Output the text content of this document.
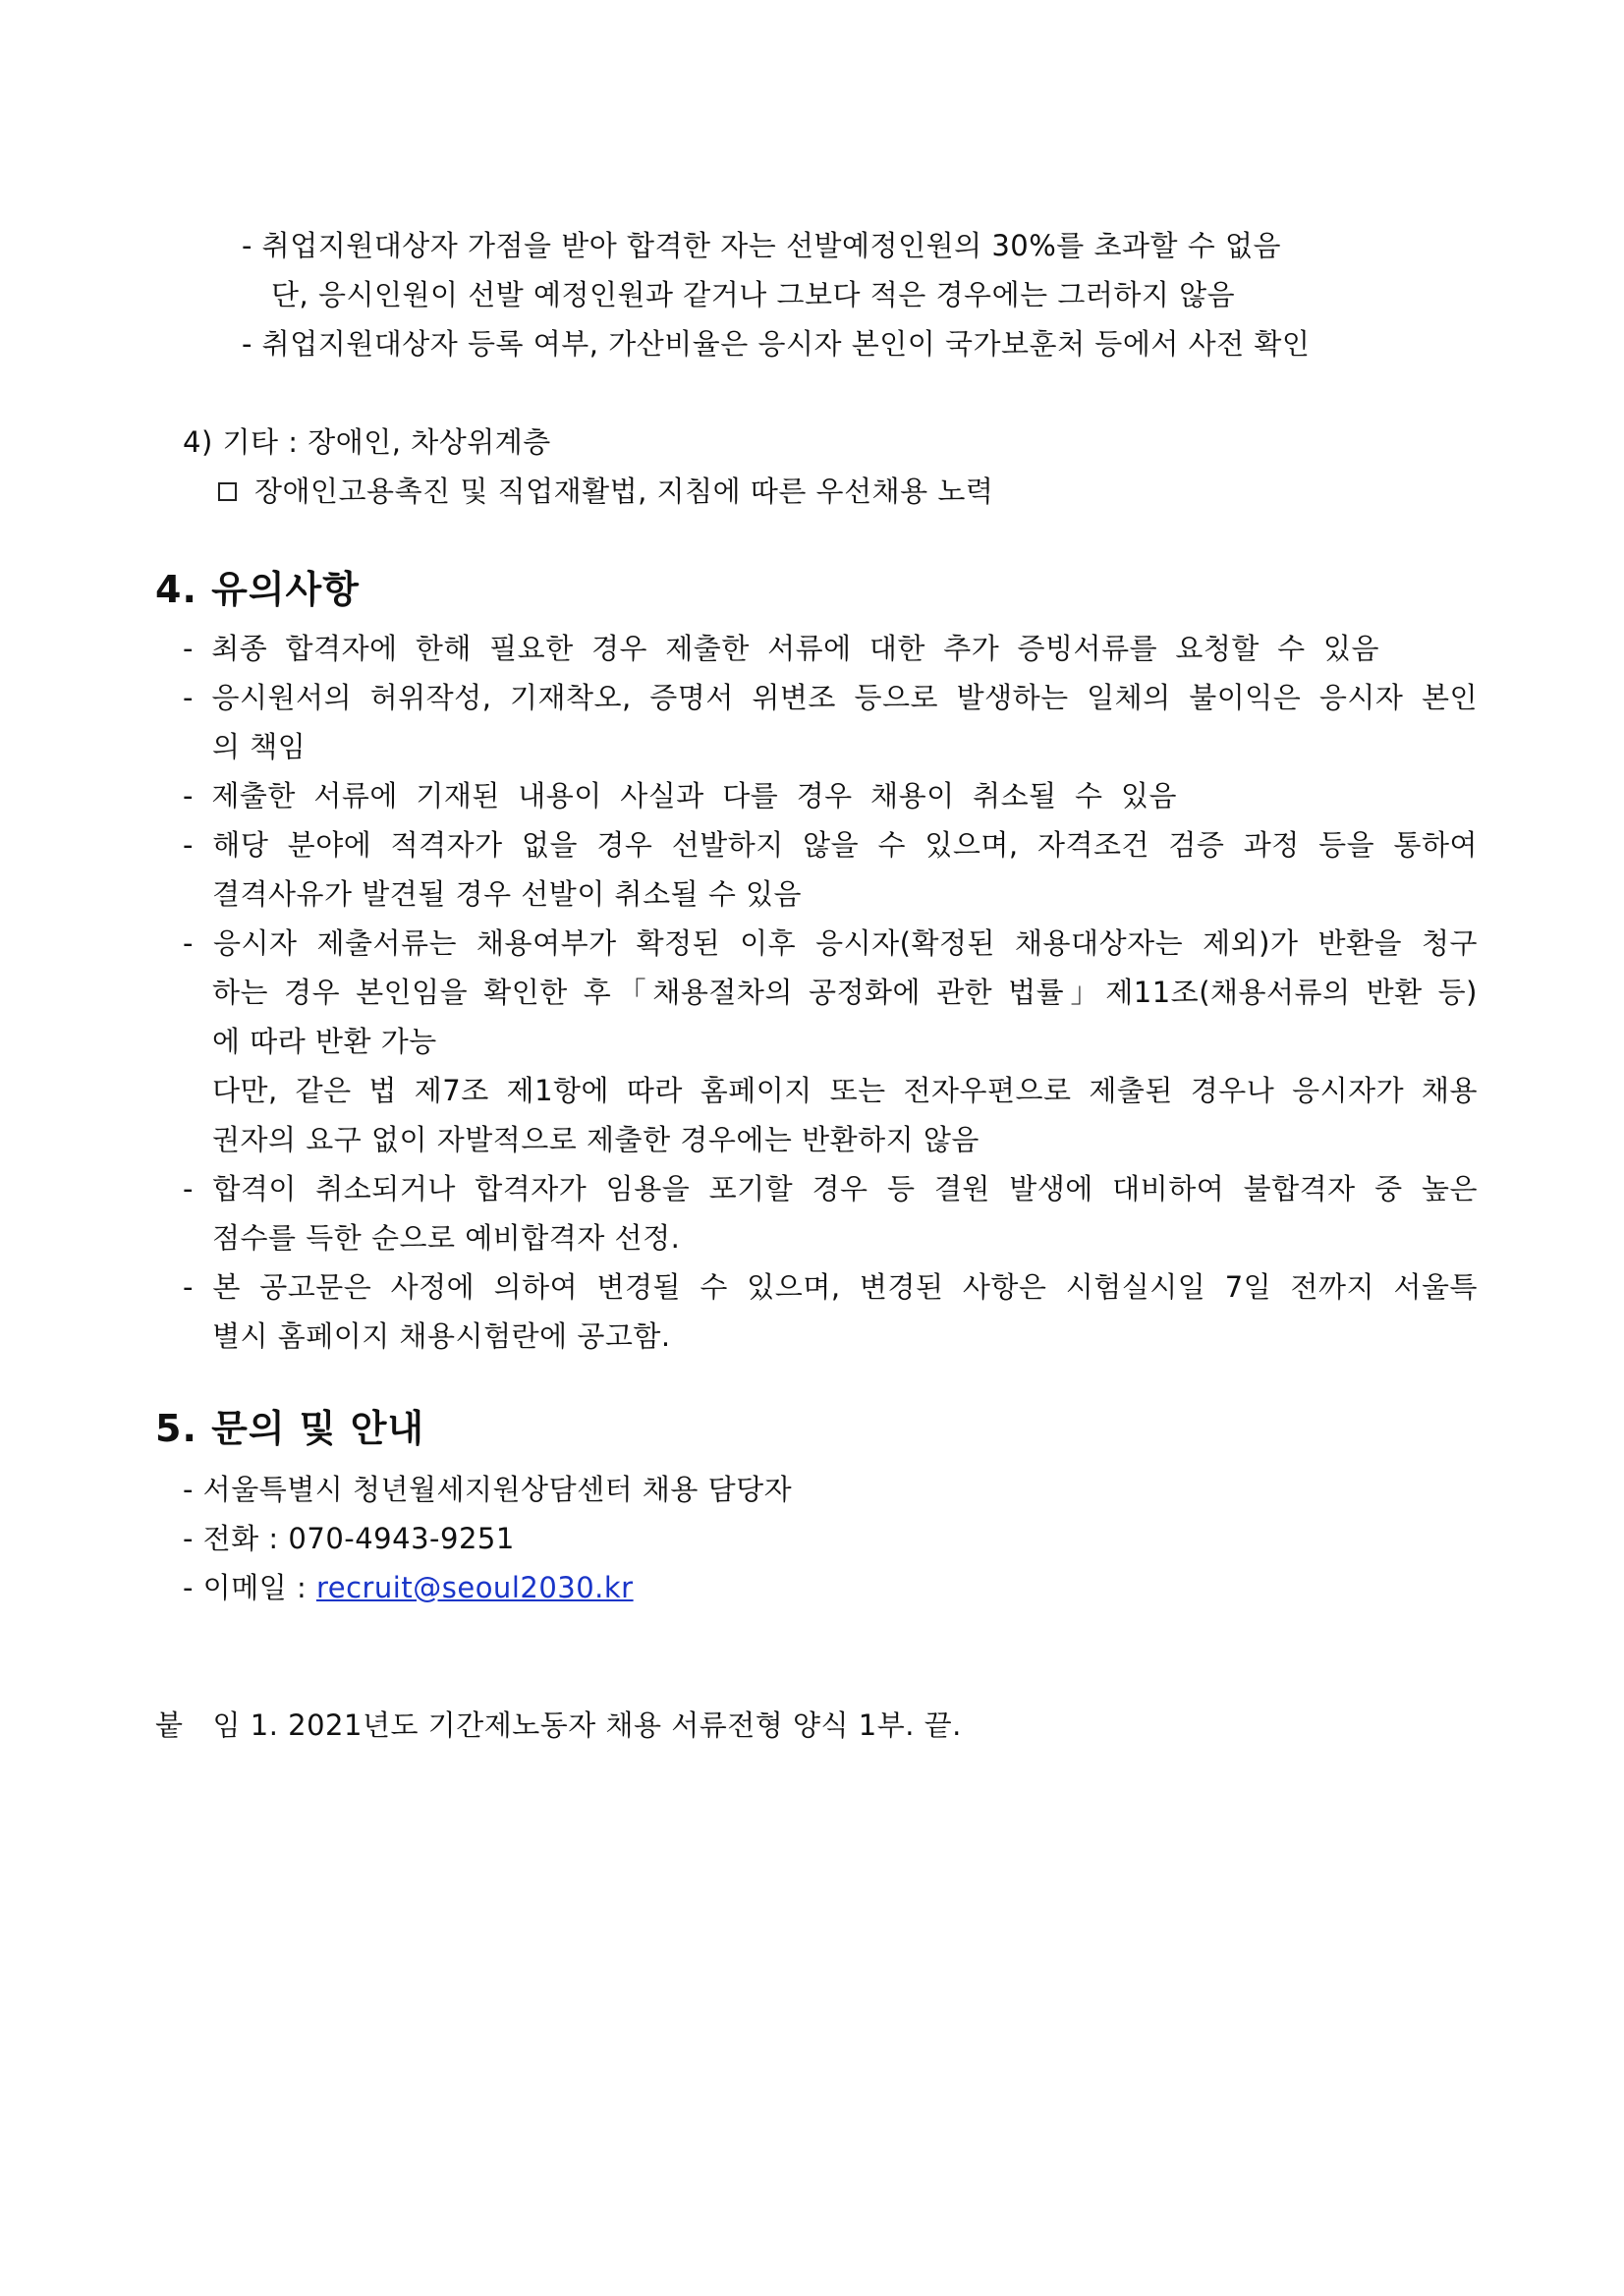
- 취업지원대상자 가점을 받아 합격한 자는 선발예정인원의 30%를 초과할 수 없음
단, 응시인원이 선발 예정인원과 같거나 그보다 적은 경우에는 그러하지 않음
- 취업지원대상자 등록 여부, 가산비율은 응시자 본인이 국가보훈처 등에서 사전 확인
4) 기타 : 장애인, 차상위계층
장애인고용촉진 및 직업재활법, 지침에 따른 우선채용 노력
4. 유의사항
- 최종 합격자에 한해 필요한 경우 제출한 서류에 대한 추가 증빙서류를 요청할 수 있음
- 응시원서의 허위작성, 기재착오, 증명서 위변조 등으로 발생하는 일체의 불이익은 응시자 본인
의 책임
- 제출한 서류에 기재된 내용이 사실과 다를 경우 채용이 취소될 수 있음
- 해당 분야에 적격자가 없을 경우 선발하지 않을 수 있으며, 자격조건 검증 과정 등을 통하여
결격사유가 발견될 경우 선발이 취소될 수 있음
- 응시자 제출서류는 채용여부가 확정된 이후 응시자(확정된 채용대상자는 제외)가 반환을 청구
하는 경우 본인임을 확인한 후「채용절차의 공정화에 관한 법률」제11조(채용서류의 반환 등)
에 따라 반환 가능
다만, 같은 법 제7조 제1항에 따라 홈페이지 또는 전자우편으로 제출된 경우나 응시자가 채용
권자의 요구 없이 자발적으로 제출한 경우에는 반환하지 않음
- 합격이 취소되거나 합격자가 임용을 포기할 경우 등 결원 발생에 대비하여 불합격자 중 높은
점수를 득한 순으로 예비합격자 선정.
- 본 공고문은 사정에 의하여 변경될 수 있으며, 변경된 사항은 시험실시일 7일 전까지 서울특
별시 홈페이지 채용시험란에 공고함.
5. 문의 및 안내
- 서울특별시 청년월세지원상담센터 채용 담당자
- 전화 : 070-4943-9251
- 이메일 : recruit@seoul2030.kr
붙 임 1. 2021년도 기간제노동자 채용 서류전형 양식 1부. 끝.
